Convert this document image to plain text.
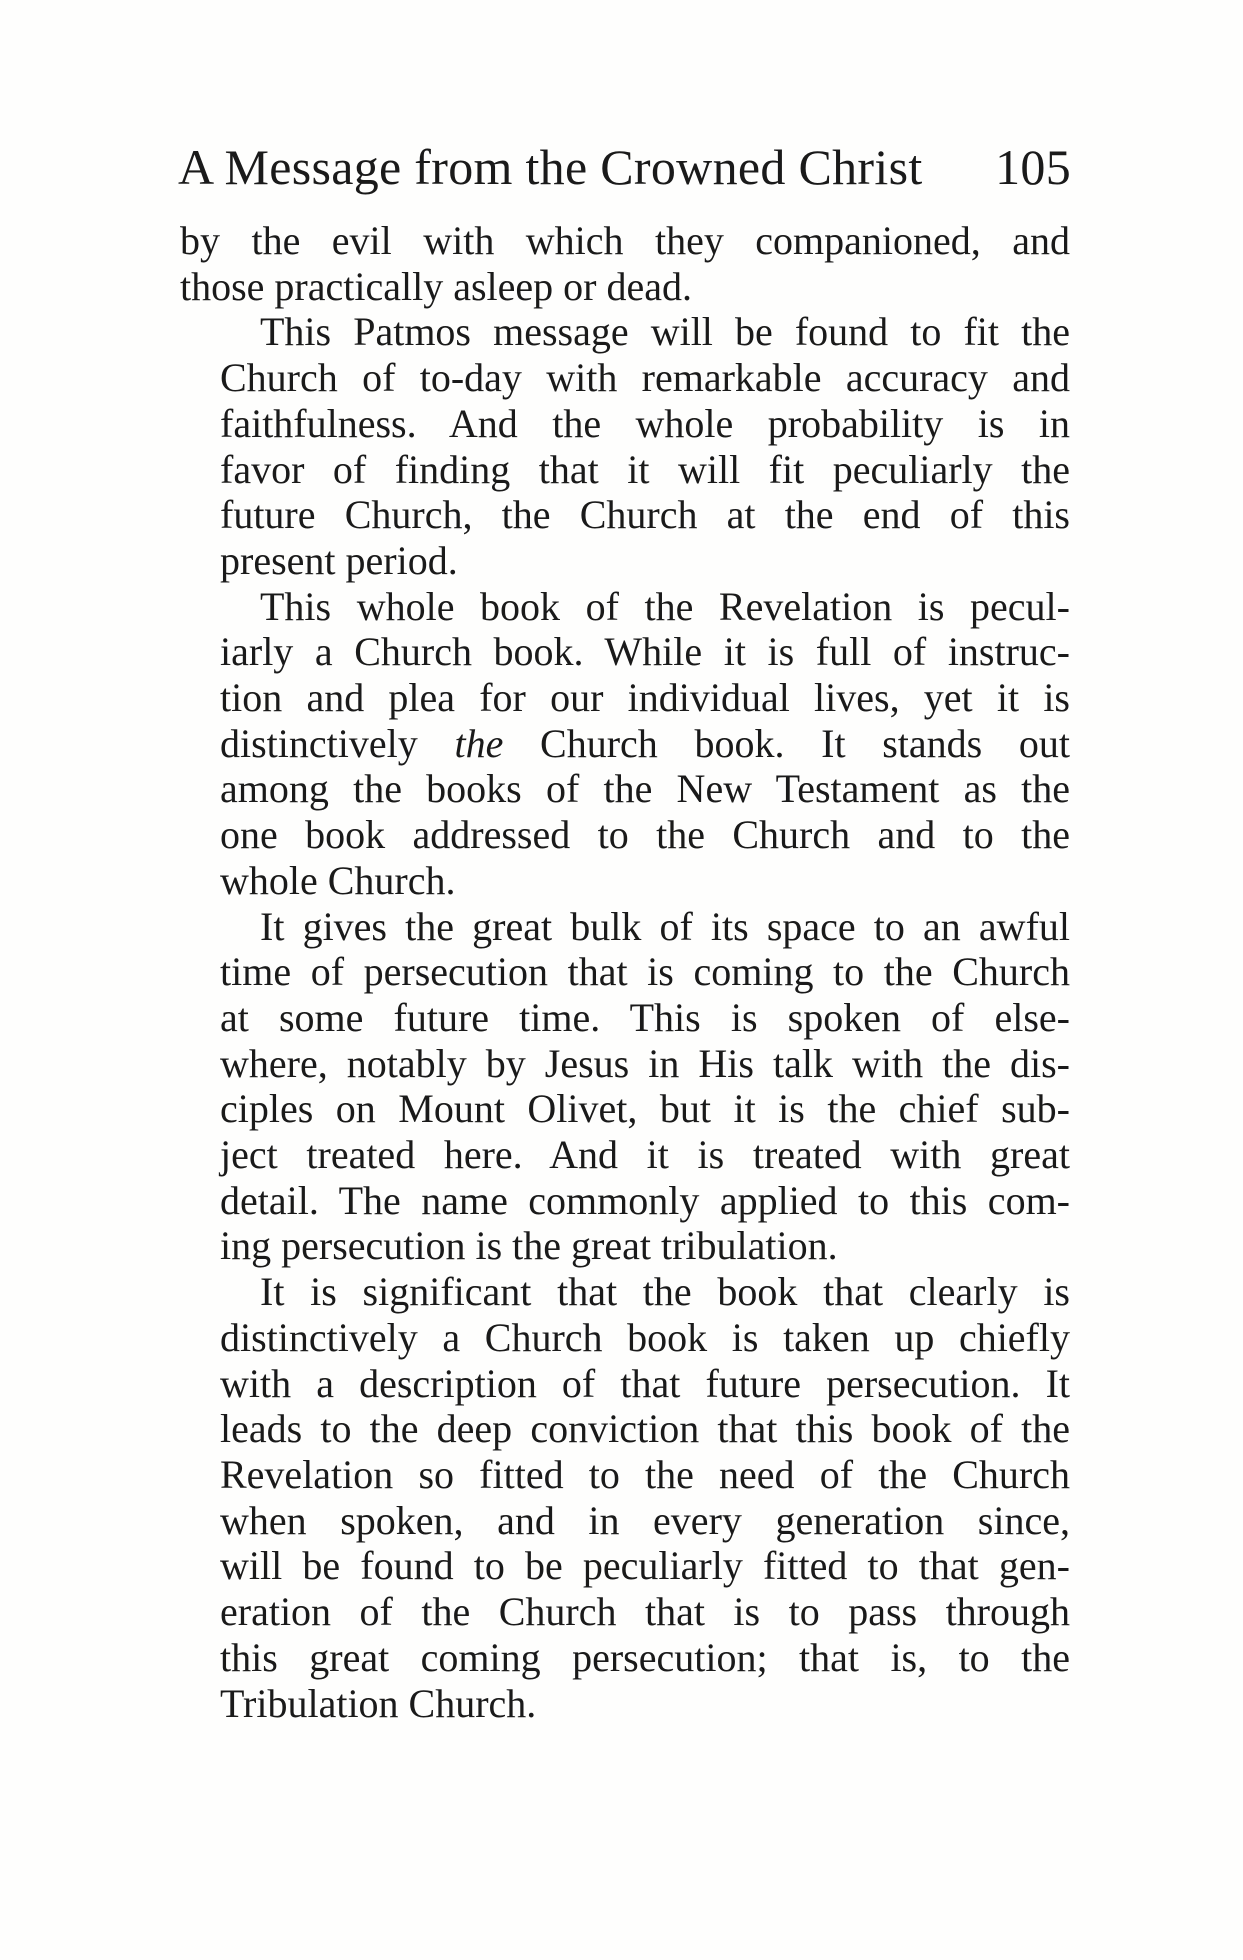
A Message from the Crowned Christ 105
by the evil with which they companioned, and
those practically asleep or dead.
This Patmos message will be found to fit the
Church of to-day with remarkable accuracy and
faithfulness. And the whole probability is in
favor of finding that it will fit peculiarly the
future Church, the Church at the end of this
present period.
This whole book of the Revelation is pecul-
iarly a Church book. While it is full of instruc-
tion and plea for our individual lives, yet it is
distinctively the Church book. It stands out
among the books of the New Testament as the
one book addressed to the Church and to the
whole Church.
It gives the great bulk of its space to an awful
time of persecution that is coming to the Church
at some future time. This is spoken of else-
where, notably by Jesus in His talk with the dis-
ciples on Mount Olivet, but it is the chief sub-
ject treated here. And it is treated with great
detail. The name commonly applied to this com-
ing persecution is the great tribulation.
It is significant that the book that clearly is
distinctively a Church book is taken up chiefly
with a description of that future persecution. It
leads to the deep conviction that this book of the
Revelation so fitted to the need of the Church
when spoken, and in every generation since,
will be found to be peculiarly fitted to that gen-
eration of the Church that is to pass through
this great coming persecution; that is, to the
Tribulation Church.
